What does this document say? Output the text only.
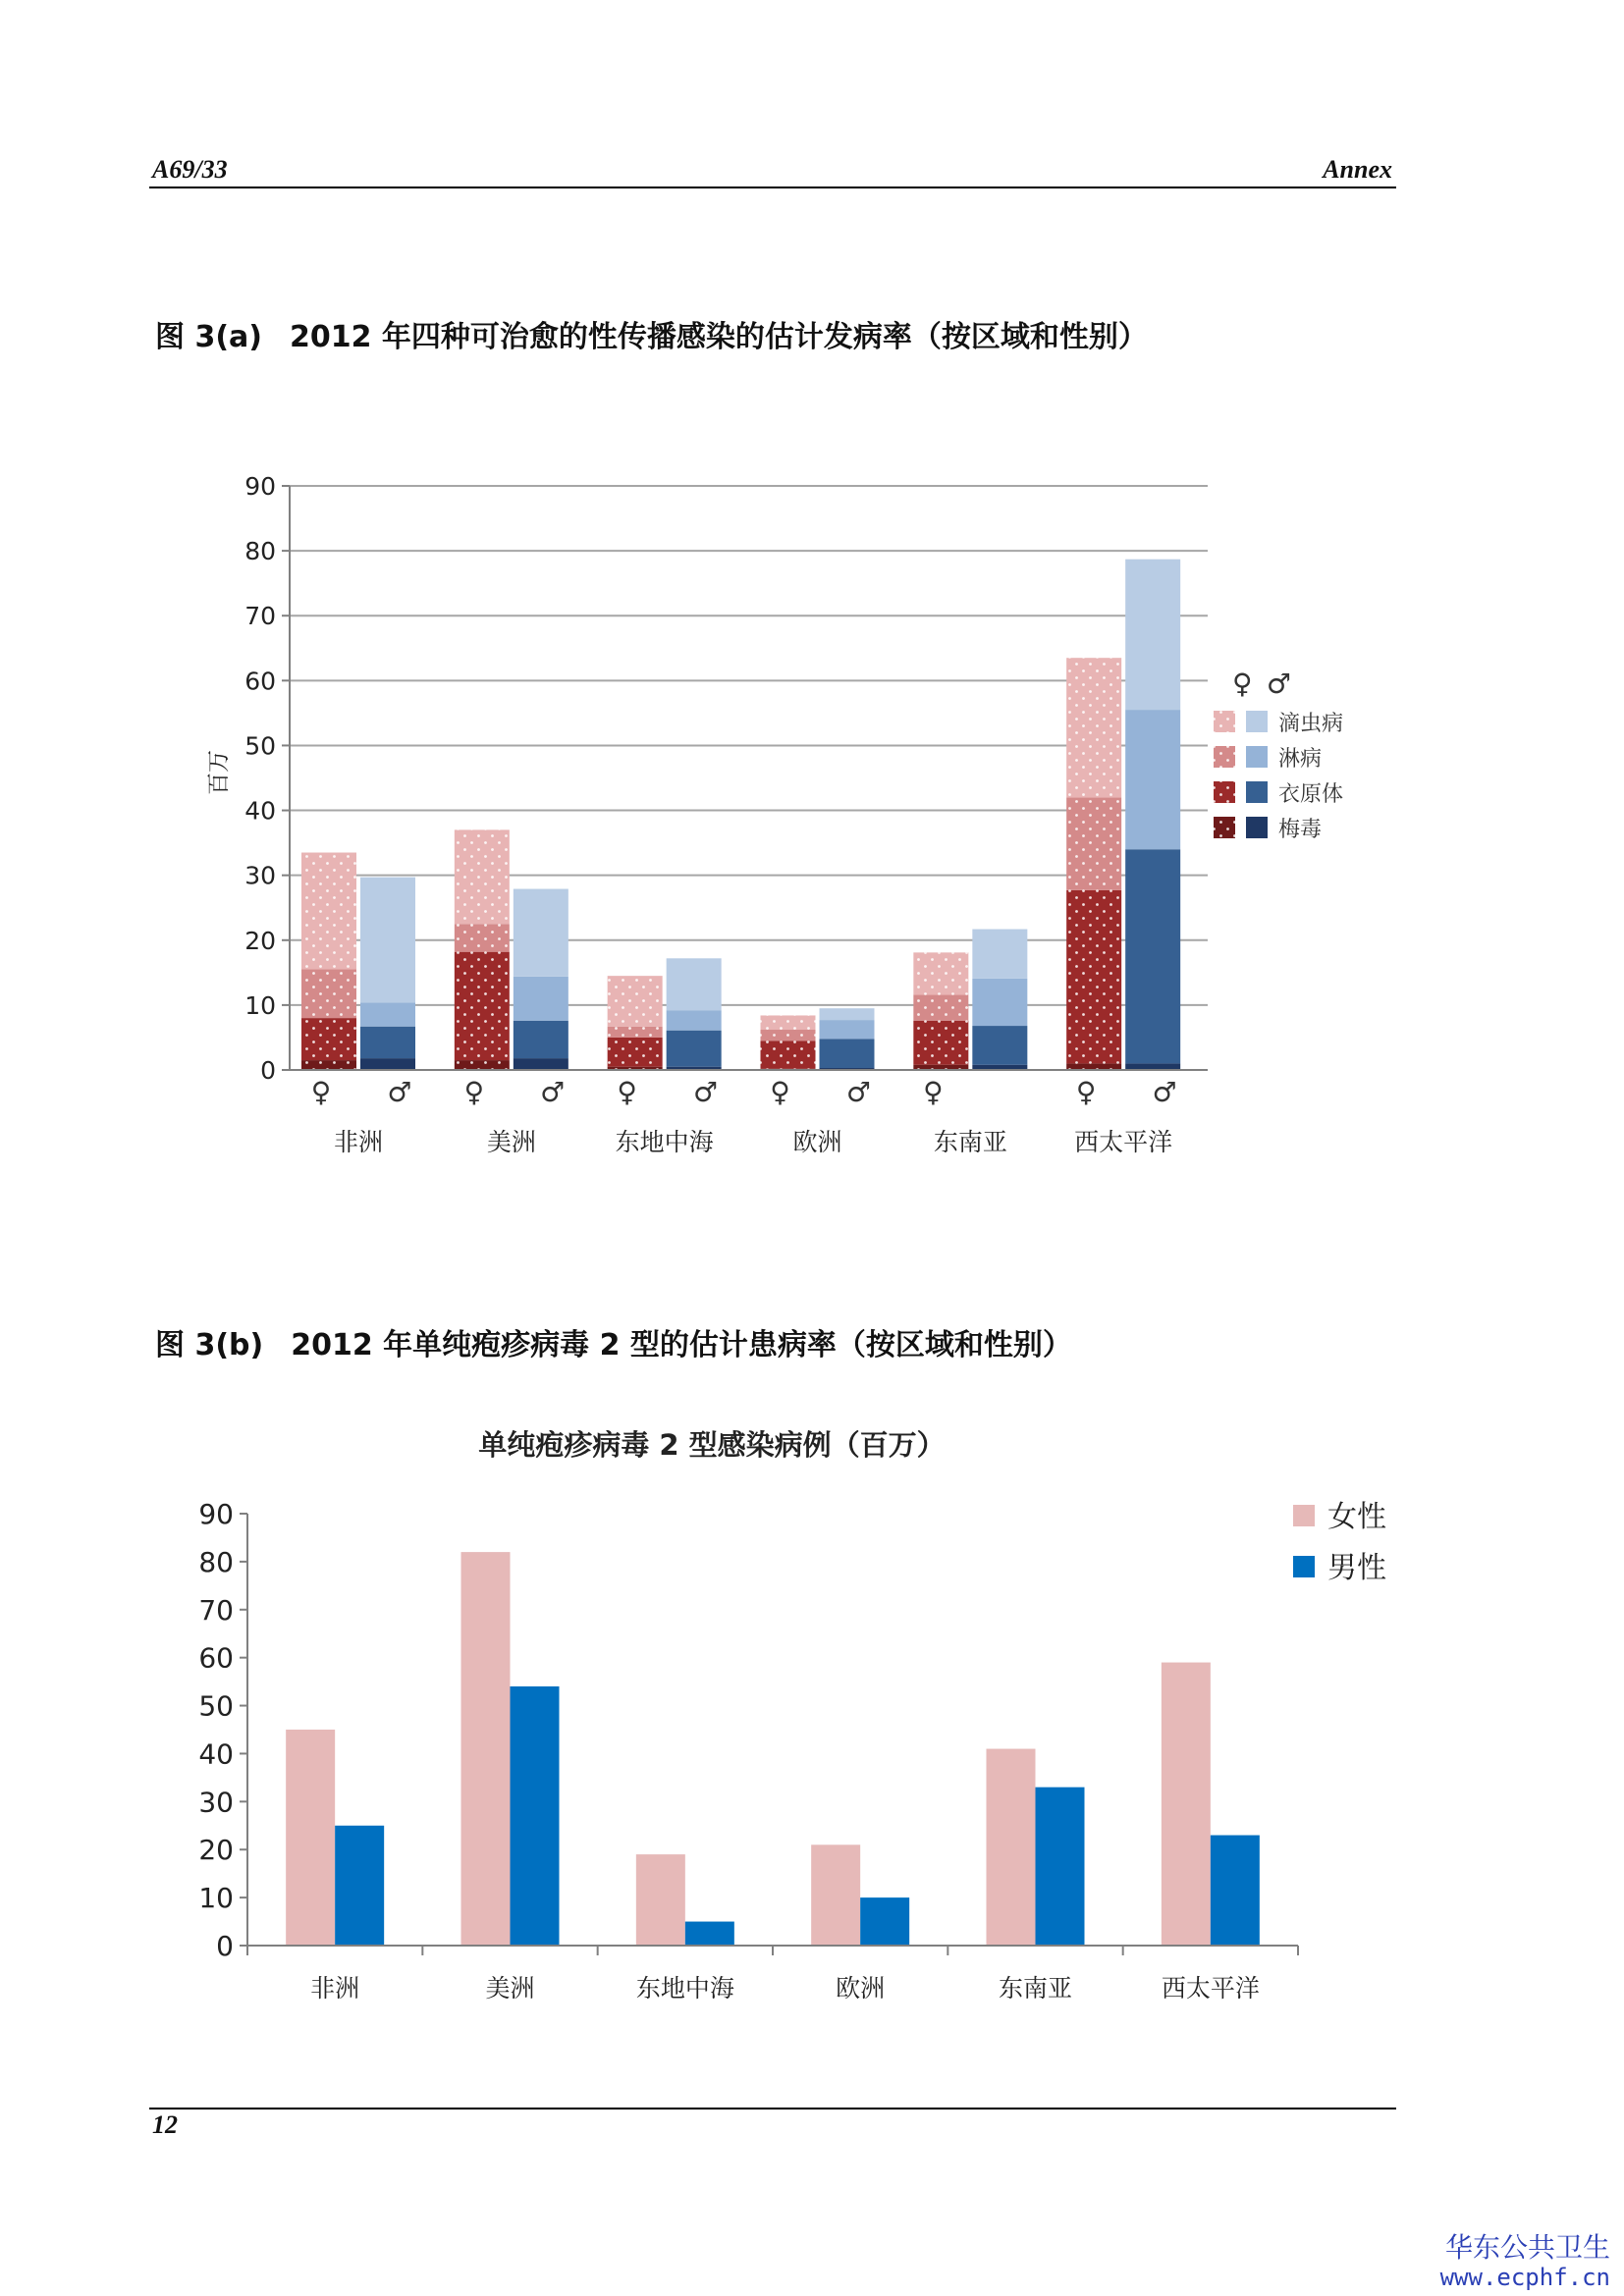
A69/33	Annex
图 3(a) 2012 年四种可治愈的性传播感染的估计发病率（按区域和性别）
0
10
20
30
40
50
60
70
80
90
♀ ♂
非洲
♀ ♂
美洲
♀ ♂
东地中海
♀ ♂
欧洲
♀
东南亚
♀ ♂
西太平洋
百万
♀ ♂
滴虫病
淋病
衣原体
梅毒
图 3(b) 2012 年单纯疱疹病毒 2 型的估计患病率（按区域和性别）
单纯疱疹病毒 2 型感染病例（百万）
0
10
20
30
40
50
60
70
80
90
非洲	美洲	东地中海	欧洲	东南亚	西太平洋
女性
男性
12
华东公共卫生
www.ecphf.cn
